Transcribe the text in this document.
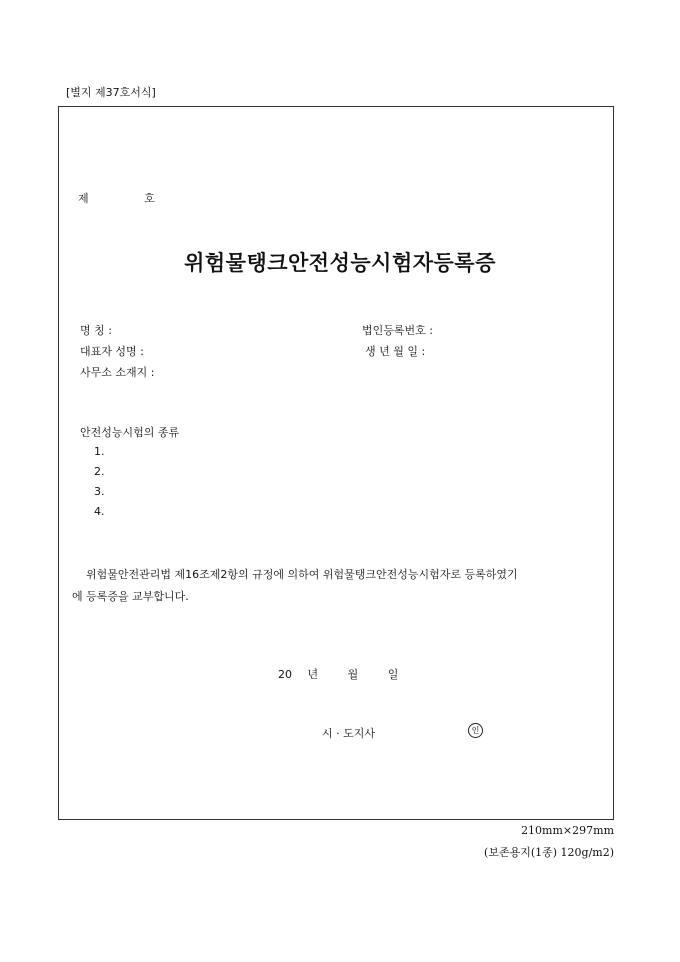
[별지 제37호서식]
제	호
위험물탱크안전성능시험자등록증
명 칭 :	법인등록번호 :
대표자 성명 :	생 년 월 일 :
사무소 소재지 :
안전성능시험의 종류
1.
2.
3.
4.
위험물안전관리법 제16조제2항의 규정에 의하여 위험물탱크안전성능시험자로 등록하였기
에 등록증을 교부합니다.
20 년	월	일
시 · 도지사	인
210mm×297mm
(보존용지(1종) 120g/m2)
